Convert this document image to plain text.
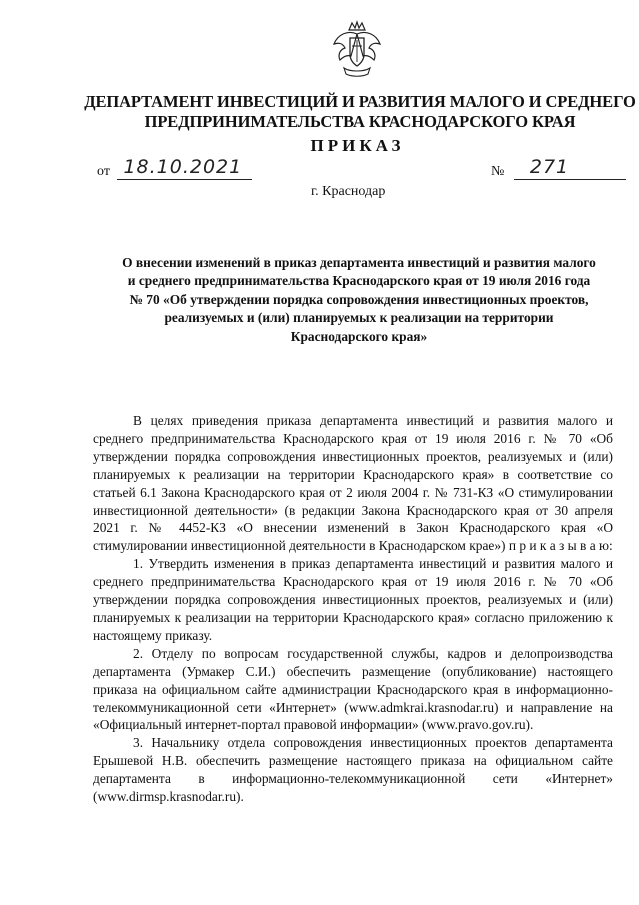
ДЕПАРТАМЕНТ ИНВЕСТИЦИЙ И РАЗВИТИЯ МАЛОГО И СРЕДНЕГО ПРЕДПРИНИМАТЕЛЬСТВА КРАСНОДАРСКОГО КРАЯ
ПРИКАЗ
от 18.10.2021	№ 271
г. Краснодар
О внесении изменений в приказ департамента инвестиций и развития малого и среднего предпринимательства Краснодарского края от 19 июля 2016 года № 70 «Об утверждении порядка сопровождения инвестиционных проектов, реализуемых и (или) планируемых к реализации на территории Краснодарского края»

В целях приведения приказа департамента инвестиций и развития малого и среднего предпринимательства Краснодарского края от 19 июля 2016 г. № 70 «Об утверждении порядка сопровождения инвестиционных проектов, реализуемых и (или) планируемых к реализации на территории Краснодарского края» в соответствие со статьей 6.1 Закона Краснодарского края от 2 июля 2004 г. № 731-КЗ «О стимулировании инвестиционной деятельности» (в редакции Закона Краснодарского края от 30 апреля 2021 г. № 4452-КЗ «О внесении изменений в Закон Краснодарского края «О стимулировании инвестиционной деятельности в Краснодарском крае») п р и к а з ы в а ю:

1. Утвердить изменения в приказ департамента инвестиций и развития малого и среднего предпринимательства Краснодарского края от 19 июля 2016 г. № 70 «Об утверждении порядка сопровождения инвестиционных проектов, реализуемых и (или) планируемых к реализации на территории Краснодарского края» согласно приложению к настоящему приказу.

2. Отделу по вопросам государственной службы, кадров и делопроизводства департамента (Урмакер С.И.) обеспечить размещение (опубликование) настоящего приказа на официальном сайте администрации Краснодарского края в информационно-телекоммуникационной сети «Интернет» (www.admkrai.krasnodar.ru) и направление на «Официальный интернет-портал правовой информации» (www.pravo.gov.ru).

3. Начальнику отдела сопровождения инвестиционных проектов департамента Ерышевой Н.В. обеспечить размещение настоящего приказа на официальном сайте департамента в информационно-телекоммуникационной сети «Интернет» (www.dirmsp.krasnodar.ru).
